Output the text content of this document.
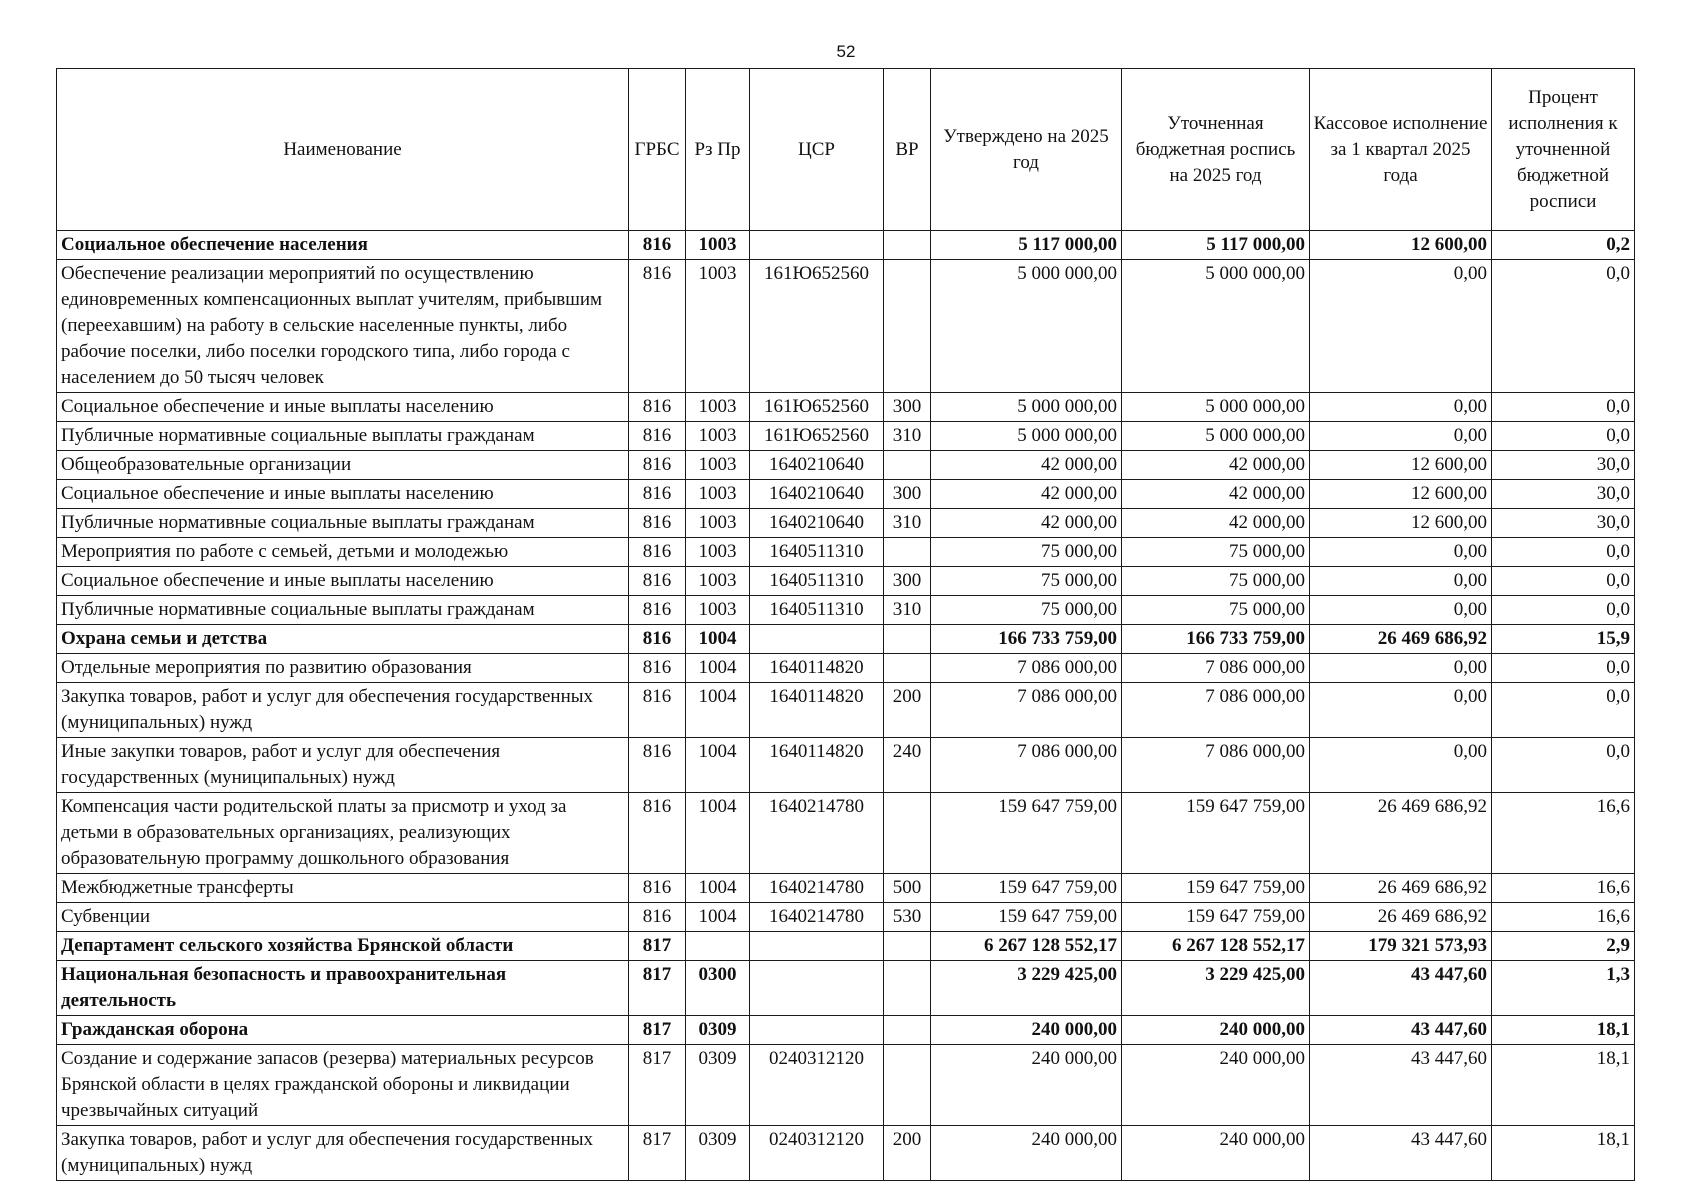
52
Наименование	ГРБС	Рз Пр	ЦСР	ВР	Утверждено на 2025 год	Уточненная бюджетная роспись на 2025 год	Кассовое исполнение за 1 квартал 2025 года	Процент исполнения к уточненной бюджетной росписи
Социальное обеспечение населения	816	1003			5 117 000,00	5 117 000,00	12 600,00	0,2
Обеспечение реализации мероприятий по осуществлению единовременных компенсационных выплат учителям, прибывшим (переехавшим) на работу в сельские населенные пункты, либо рабочие поселки, либо поселки городского типа, либо города с населением до 50 тысяч человек	816	1003	161Ю652560		5 000 000,00	5 000 000,00	0,00	0,0
Социальное обеспечение и иные выплаты населению	816	1003	161Ю652560	300	5 000 000,00	5 000 000,00	0,00	0,0
Публичные нормативные социальные выплаты гражданам	816	1003	161Ю652560	310	5 000 000,00	5 000 000,00	0,00	0,0
Общеобразовательные организации	816	1003	1640210640		42 000,00	42 000,00	12 600,00	30,0
Социальное обеспечение и иные выплаты населению	816	1003	1640210640	300	42 000,00	42 000,00	12 600,00	30,0
Публичные нормативные социальные выплаты гражданам	816	1003	1640210640	310	42 000,00	42 000,00	12 600,00	30,0
Мероприятия по работе с семьей, детьми и молодежью	816	1003	1640511310		75 000,00	75 000,00	0,00	0,0
Социальное обеспечение и иные выплаты населению	816	1003	1640511310	300	75 000,00	75 000,00	0,00	0,0
Публичные нормативные социальные выплаты гражданам	816	1003	1640511310	310	75 000,00	75 000,00	0,00	0,0
Охрана семьи и детства	816	1004			166 733 759,00	166 733 759,00	26 469 686,92	15,9
Отдельные мероприятия по развитию образования	816	1004	1640114820		7 086 000,00	7 086 000,00	0,00	0,0
Закупка товаров, работ и услуг для обеспечения государственных (муниципальных) нужд	816	1004	1640114820	200	7 086 000,00	7 086 000,00	0,00	0,0
Иные закупки товаров, работ и услуг для обеспечения государственных (муниципальных) нужд	816	1004	1640114820	240	7 086 000,00	7 086 000,00	0,00	0,0
Компенсация части родительской платы за присмотр и уход за детьми в образовательных организациях, реализующих образовательную программу дошкольного образования	816	1004	1640214780		159 647 759,00	159 647 759,00	26 469 686,92	16,6
Межбюджетные трансферты	816	1004	1640214780	500	159 647 759,00	159 647 759,00	26 469 686,92	16,6
Субвенции	816	1004	1640214780	530	159 647 759,00	159 647 759,00	26 469 686,92	16,6
Департамент сельского хозяйства Брянской области	817				6 267 128 552,17	6 267 128 552,17	179 321 573,93	2,9
Национальная безопасность и правоохранительная деятельность	817	0300			3 229 425,00	3 229 425,00	43 447,60	1,3
Гражданская оборона	817	0309			240 000,00	240 000,00	43 447,60	18,1
Создание и содержание запасов (резерва) материальных ресурсов Брянской области в целях гражданской обороны и ликвидации чрезвычайных ситуаций	817	0309	0240312120		240 000,00	240 000,00	43 447,60	18,1
Закупка товаров, работ и услуг для обеспечения государственных (муниципальных) нужд	817	0309	0240312120	200	240 000,00	240 000,00	43 447,60	18,1
